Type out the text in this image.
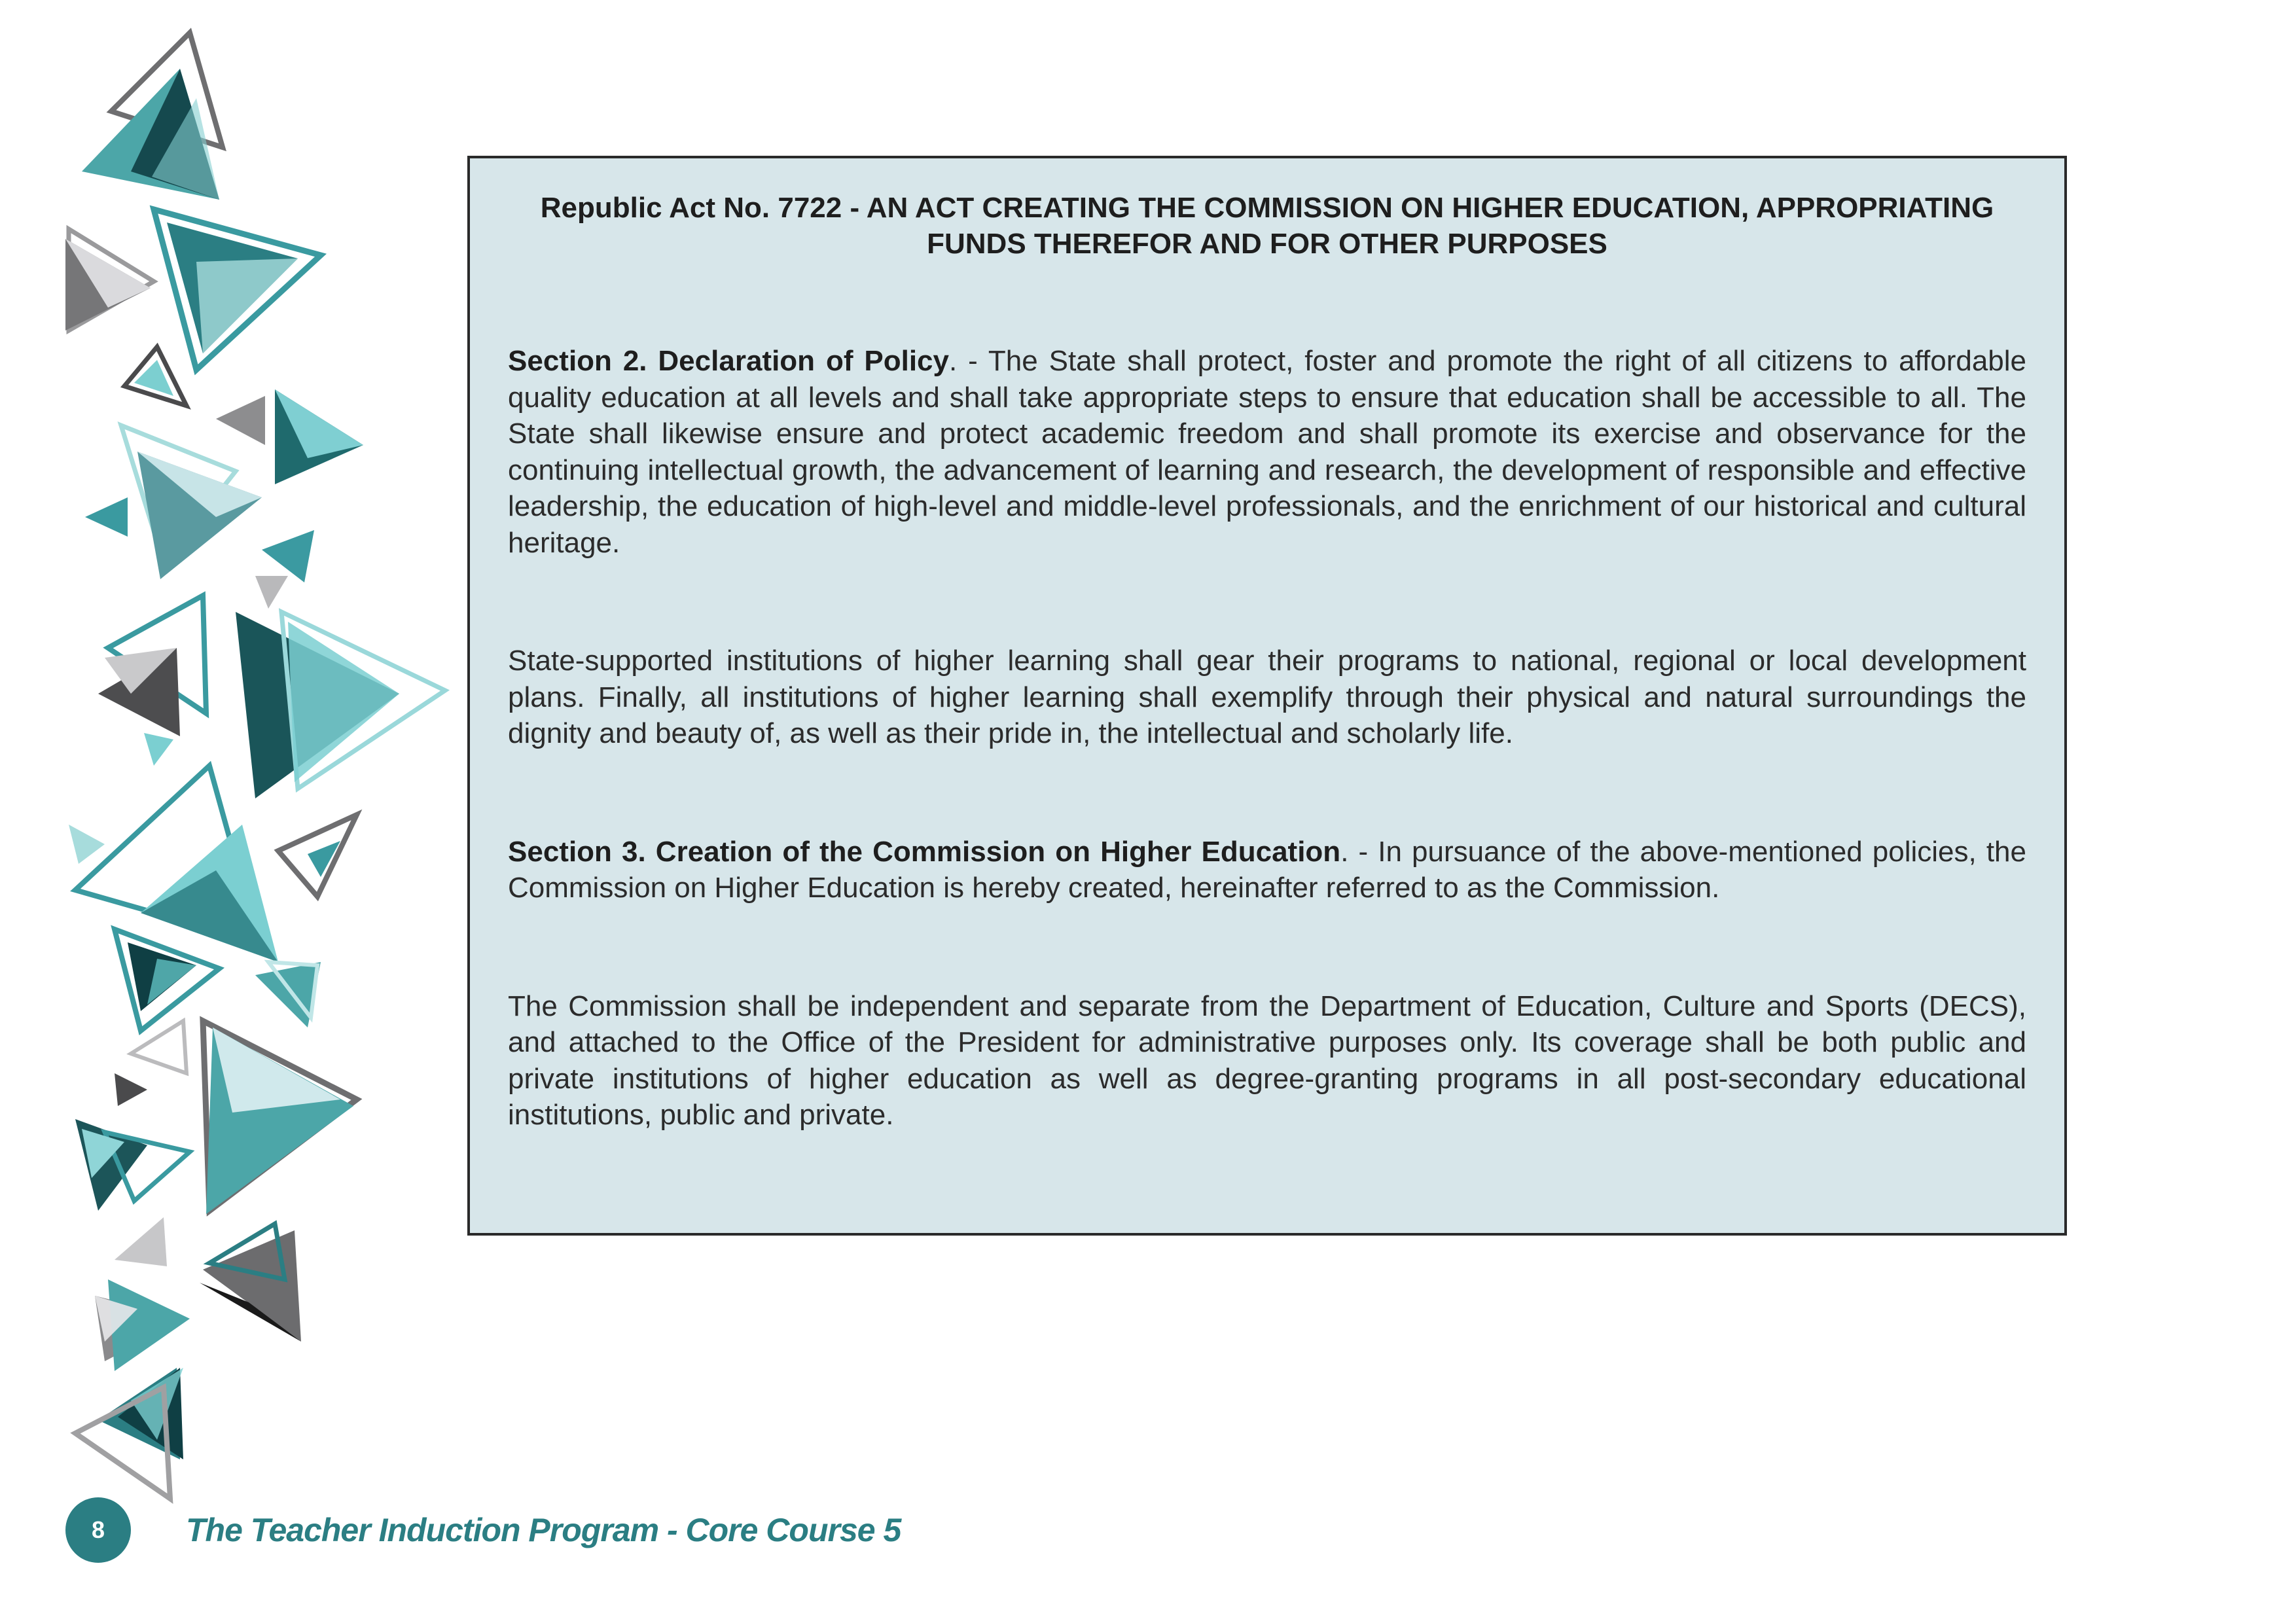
Republic Act No. 7722 - AN ACT CREATING THE COMMISSION ON HIGHER EDUCATION, APPROPRIATING
FUNDS THEREFOR AND FOR OTHER PURPOSES

Section 2. Declaration of Policy. - The State shall protect, foster and promote the right of all citizens to affordable quality education at all levels and shall take appropriate steps to ensure that education shall be accessible to all. The State shall likewise ensure and protect academic freedom and shall promote its exercise and observance for the continuing intellectual growth, the advancement of learning and research, the development of responsible and effective leadership, the education of high-level and middle-level professionals, and the enrichment of our historical and cultural heritage.

State-supported institutions of higher learning shall gear their programs to national, regional or local development plans. Finally, all institutions of higher learning shall exemplify through their physical and natural surroundings the dignity and beauty of, as well as their pride in, the intellectual and scholarly life.

Section 3. Creation of the Commission on Higher Education. - In pursuance of the above-mentioned policies, the Commission on Higher Education is hereby created, hereinafter referred to as the Commission.

The Commission shall be independent and separate from the Department of Education, Culture and Sports (DECS), and attached to the Office of the President for administrative purposes only. Its coverage shall be both public and private institutions of higher education as well as degree-granting programs in all post-secondary educational institutions, public and private.

8	The Teacher Induction Program - Core Course 5
